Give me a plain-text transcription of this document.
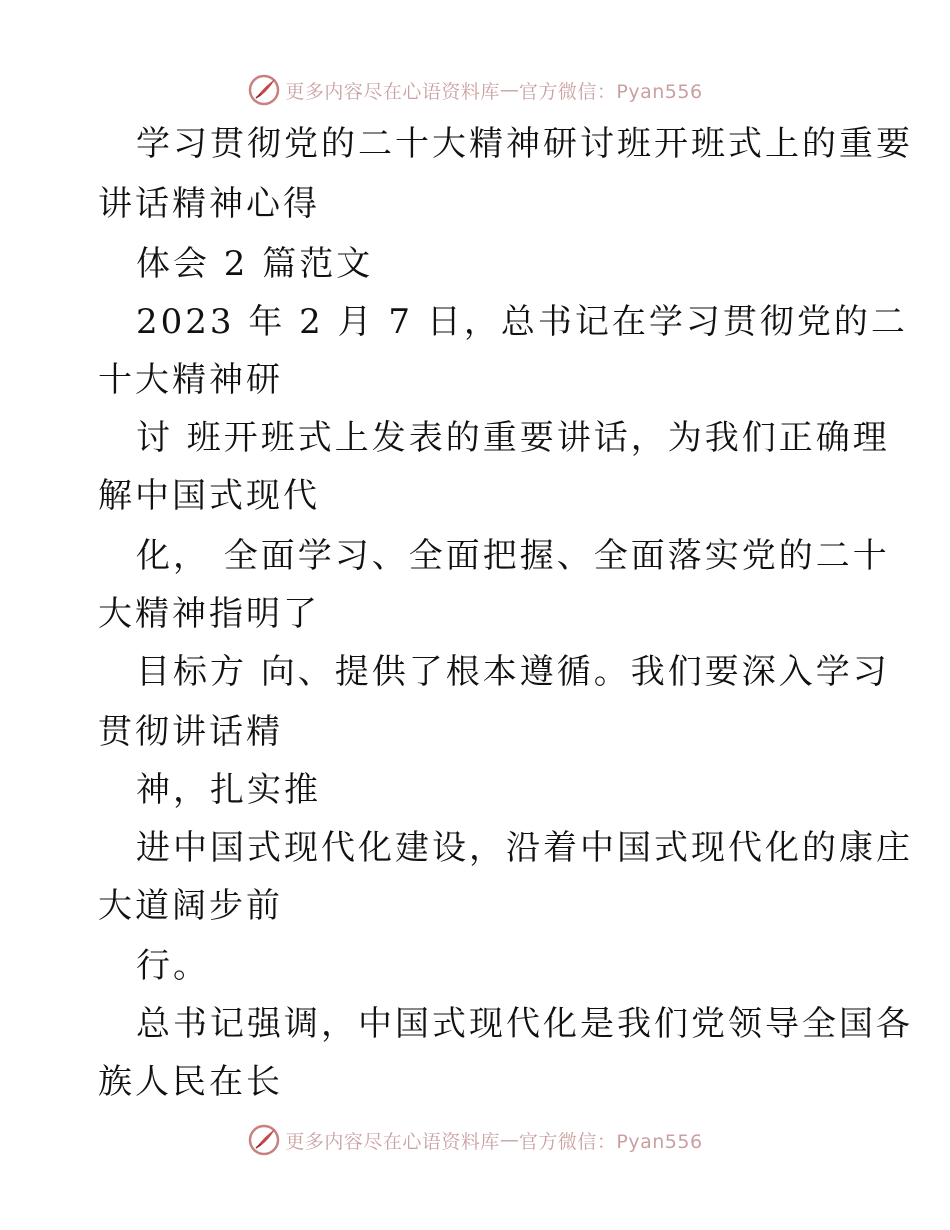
更多内容尽在心语资料库 — 官方微信：Pyan556
学习贯彻党的二十大精神研讨班开班式上的重要
讲话精神心得
体会 2 篇范文
2023 年 2 月 7 日，总书记在学习贯彻党的二
十大精神研
讨 班开班式上发表的重要讲话，为我们正确理
解中国式现代
化， 全面学习、全面把握、全面落实党的二十
大精神指明了
目标方 向、提供了根本遵循。我们要深入学习
贯彻讲话精
神，扎实推
进中国式现代化建设，沿着中国式现代化的康庄
大道阔步前
行。
总书记强调，中国式现代化是我们党领导全国各
族人民在长
更多内容尽在心语资料库 — 官方微信：Pyan556
